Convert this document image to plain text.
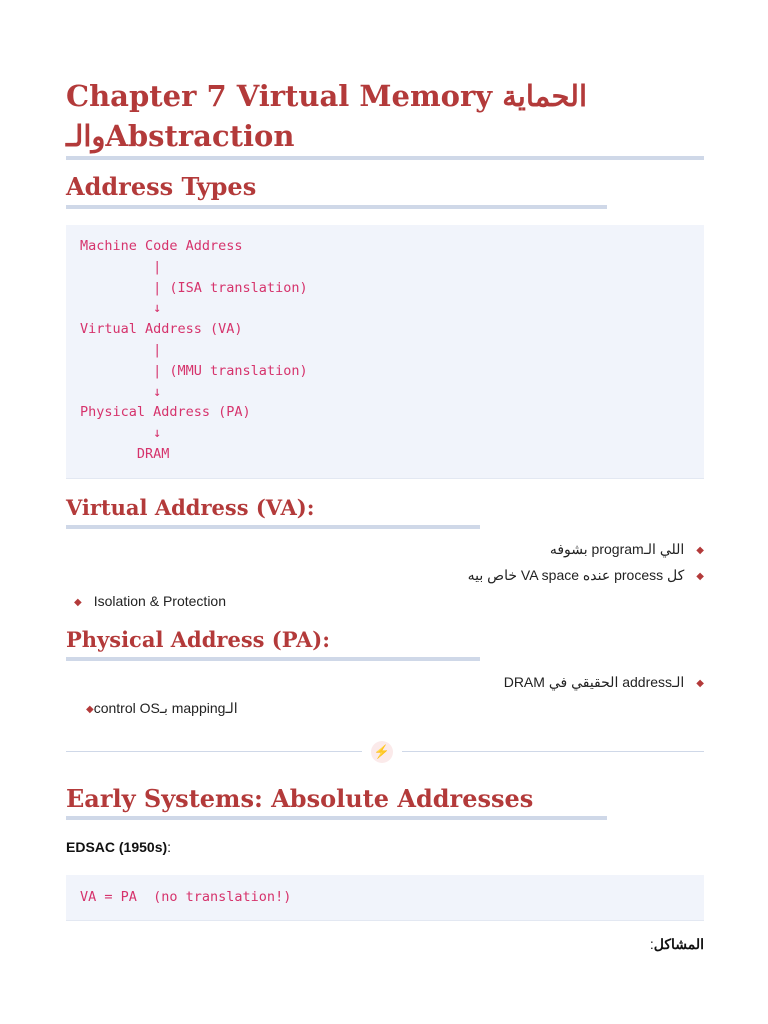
Chapter 7 Virtual Memory الحماية
والـAbstraction
Address Types
Machine Code Address
|
| (ISA translation)
↓
Virtual Address (VA)
|
| (MMU translation)
↓
Physical Address (PA)
↓
DRAM
Virtual Address (VA):
◆اللي الـprogram بشوفه
◆كل process عنده VA space خاص بيه
◆ Isolation & Protection
Physical Address (PA):
◆الـaddress الحقيقي في DRAM
الـmapping بـcontrol OS◆
⚡
Early Systems: Absolute Addresses
EDSAC (1950s):
VA = PA  (no translation!)
المشاكل:
